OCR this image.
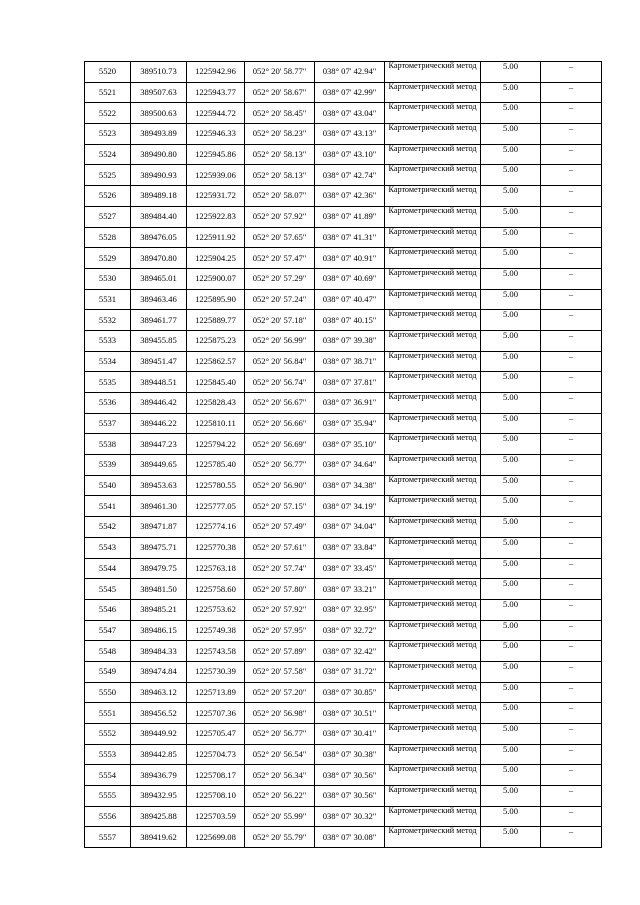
5520	389510.73	1225942.96	052° 20' 58.77"	038° 07' 42.94"	Картометрический метод	5.00	–
5521	389507.63	1225943.77	052° 20' 58.67"	038° 07' 42.99"	Картометрический метод	5.00	–
5522	389500.63	1225944.72	052° 20' 58.45"	038° 07' 43.04"	Картометрический метод	5.00	–
5523	389493.89	1225946.33	052° 20' 58.23"	038° 07' 43.13"	Картометрический метод	5.00	–
5524	389490.80	1225945.86	052° 20' 58.13"	038° 07' 43.10"	Картометрический метод	5.00	–
5525	389490.93	1225939.06	052° 20' 58.13"	038° 07' 42.74"	Картометрический метод	5.00	–
5526	389489.18	1225931.72	052° 20' 58.07"	038° 07' 42.36"	Картометрический метод	5.00	–
5527	389484.40	1225922.83	052° 20' 57.92"	038° 07' 41.89"	Картометрический метод	5.00	–
5528	389476.05	1225911.92	052° 20' 57.65"	038° 07' 41.31"	Картометрический метод	5.00	–
5529	389470.80	1225904.25	052° 20' 57.47"	038° 07' 40.91"	Картометрический метод	5.00	–
5530	389465.01	1225900.07	052° 20' 57.29"	038° 07' 40.69"	Картометрический метод	5.00	–
5531	389463.46	1225895.90	052° 20' 57.24"	038° 07' 40.47"	Картометрический метод	5.00	–
5532	389461.77	1225889.77	052° 20' 57.18"	038° 07' 40.15"	Картометрический метод	5.00	–
5533	389455.85	1225875.23	052° 20' 56.99"	038° 07' 39.38"	Картометрический метод	5.00	–
5534	389451.47	1225862.57	052° 20' 56.84"	038° 07' 38.71"	Картометрический метод	5.00	–
5535	389448.51	1225845.40	052° 20' 56.74"	038° 07' 37.81"	Картометрический метод	5.00	–
5536	389446.42	1225828.43	052° 20' 56.67"	038° 07' 36.91"	Картометрический метод	5.00	–
5537	389446.22	1225810.11	052° 20' 56.66"	038° 07' 35.94"	Картометрический метод	5.00	–
5538	389447.23	1225794.22	052° 20' 56.69"	038° 07' 35.10"	Картометрический метод	5.00	–
5539	389449.65	1225785.40	052° 20' 56.77"	038° 07' 34.64"	Картометрический метод	5.00	–
5540	389453.63	1225780.55	052° 20' 56.90"	038° 07' 34.38"	Картометрический метод	5.00	–
5541	389461.30	1225777.05	052° 20' 57.15"	038° 07' 34.19"	Картометрический метод	5.00	–
5542	389471.87	1225774.16	052° 20' 57.49"	038° 07' 34.04"	Картометрический метод	5.00	–
5543	389475.71	1225770.38	052° 20' 57.61"	038° 07' 33.84"	Картометрический метод	5.00	–
5544	389479.75	1225763.18	052° 20' 57.74"	038° 07' 33.45"	Картометрический метод	5.00	–
5545	389481.50	1225758.60	052° 20' 57.80"	038° 07' 33.21"	Картометрический метод	5.00	–
5546	389485.21	1225753.62	052° 20' 57.92"	038° 07' 32.95"	Картометрический метод	5.00	–
5547	389486.15	1225749.38	052° 20' 57.95"	038° 07' 32.72"	Картометрический метод	5.00	–
5548	389484.33	1225743.58	052° 20' 57.89"	038° 07' 32.42"	Картометрический метод	5.00	–
5549	389474.84	1225730.39	052° 20' 57.58"	038° 07' 31.72"	Картометрический метод	5.00	–
5550	389463.12	1225713.89	052° 20' 57.20"	038° 07' 30.85"	Картометрический метод	5.00	–
5551	389456.52	1225707.36	052° 20' 56.98"	038° 07' 30.51"	Картометрический метод	5.00	–
5552	389449.92	1225705.47	052° 20' 56.77"	038° 07' 30.41"	Картометрический метод	5.00	–
5553	389442.85	1225704.73	052° 20' 56.54"	038° 07' 30.38"	Картометрический метод	5.00	–
5554	389436.79	1225708.17	052° 20' 56.34"	038° 07' 30.56"	Картометрический метод	5.00	–
5555	389432.95	1225708.10	052° 20' 56.22"	038° 07' 30.56"	Картометрический метод	5.00	–
5556	389425.88	1225703.59	052° 20' 55.99"	038° 07' 30.32"	Картометрический метод	5.00	–
5557	389419.62	1225699.08	052° 20' 55.79"	038° 07' 30.08"	Картометрический метод	5.00	–
